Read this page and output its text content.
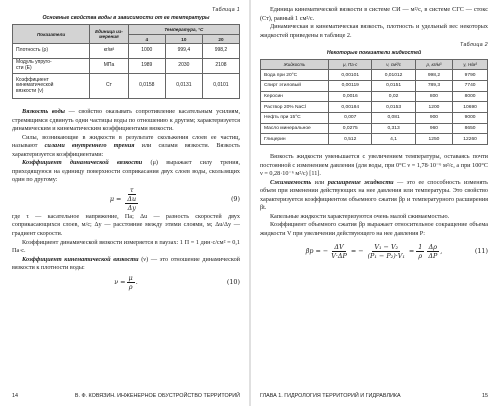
Таблица 1
Основные свойства воды в зависимости от ее температуры
Показатели	Единица из-
мерения	Температура, °С		
		4	10	20
Плотность (ρ)	кг/м³	1000	999,4	998,2
Модуль упруго-
сти (E)	МПа	1989	2030	2108
Коэффициент
кинематической
вязкости (ν)	Ст	0,0158	0,0131	0,0101

Вязкость воды — свойство оказывать сопротивление касательным усилиям, стремящимся сдвинуть одни частицы воды по отношению к другим; характеризуется динамическим и кинематическим коэффициентами вязкости.

Силы, возникающие в жидкости в результате скольжения слоев ее частиц, называют силами внутреннего трения или силами вязкости. Вязкость характеризуется коэффициентами:

Коэффициент динамической вязкости (μ) выражает силу трения, приходящуюся на единицу поверхности соприкасания двух слоев воды, скользящих один по другому:

$\mu = \frac{\tau}{\frac{\Delta u}{\Delta y}}$	(9)

где τ — касательное напряжение, Па; Δu — разность скоростей двух соприкасающихся слоев, м/с; Δy — расстояние между этими слоями, м; Δu/Δy — градиент скорости.

Коэффициент динамической вязкости измеряется в паузах: 1 П = 1 дин·с/см² = 0,1 Па·с.

Коэффициент кинематической вязкости (ν) — это отношение динамической вязкости к плотности воды:

$\nu = \frac{\mu}{\rho}$ .	(10)
14	В. Ф. КОВЯЗИН. ИНЖЕНЕРНОЕ ОБУСТРОЙСТВО ТЕРРИТОРИЙ

Единица кинематической вязкости в системе СИ — м²/с, в системе СГС — стокс (Ст), равный 1 см²/с.

Динамическая и кинематическая вязкость, плотность и удельный вес некоторых жидкостей приведены в таблице 2.

Таблица 2
Некоторые показатели жидкостей
Жидкость	μ, Па·с	ν, см²/с	ρ, кг/м³	γ, Н/м³
Вода при 20°С	0,00101	0,01012	998,2	9790
Спирт этиловый	0,00119	0,0151	789,3	7740
Керосин	0,0016	0,02	800	8000
Раствор 20% NaCl	0,00184	0,0153	1200	10690
Нефть при 15°С	0,007	0,081	900	9000
Масло минеральное	0,0275	0,313	960	8650
Глицерин	0,512	4,1	1250	12260

Вязкость жидкости уменьшается с увеличением температуры, оставаясь почти постоянной с изменением давления (для воды, при 0°С ν = 1,78·10⁻⁶ м²/с, а при 100°С ν = 0,28·10⁻⁶ м²/с) [11].

Сжимаемость или расширение жидкости — это ее способность изменять объем при изменении действующих на нее давления или температуры. Это свойство характеризуется коэффициентом объемного сжатия βp и температурного расширения βt.

Капельные жидкости характеризуются очень малой сжимаемостью.

Коэффициент объемного сжатия βp выражает относительное сокращение объема жидкости V при увеличении действующего на нее давления P:

βp = − $\frac{\Delta V}{V\cdot\Delta P}$ = − $\frac{\text{V₁ − V₂}}{\text{(P₁ − P₂)·V₁}} = \frac{1}{\rho} \frac{\Delta\rho}{\Delta P}$ ,	(11)
ГЛАВА 1. ГИДРОЛОГИЯ ТЕРРИТОРИЙ И ГИДРАВЛИКА	15
